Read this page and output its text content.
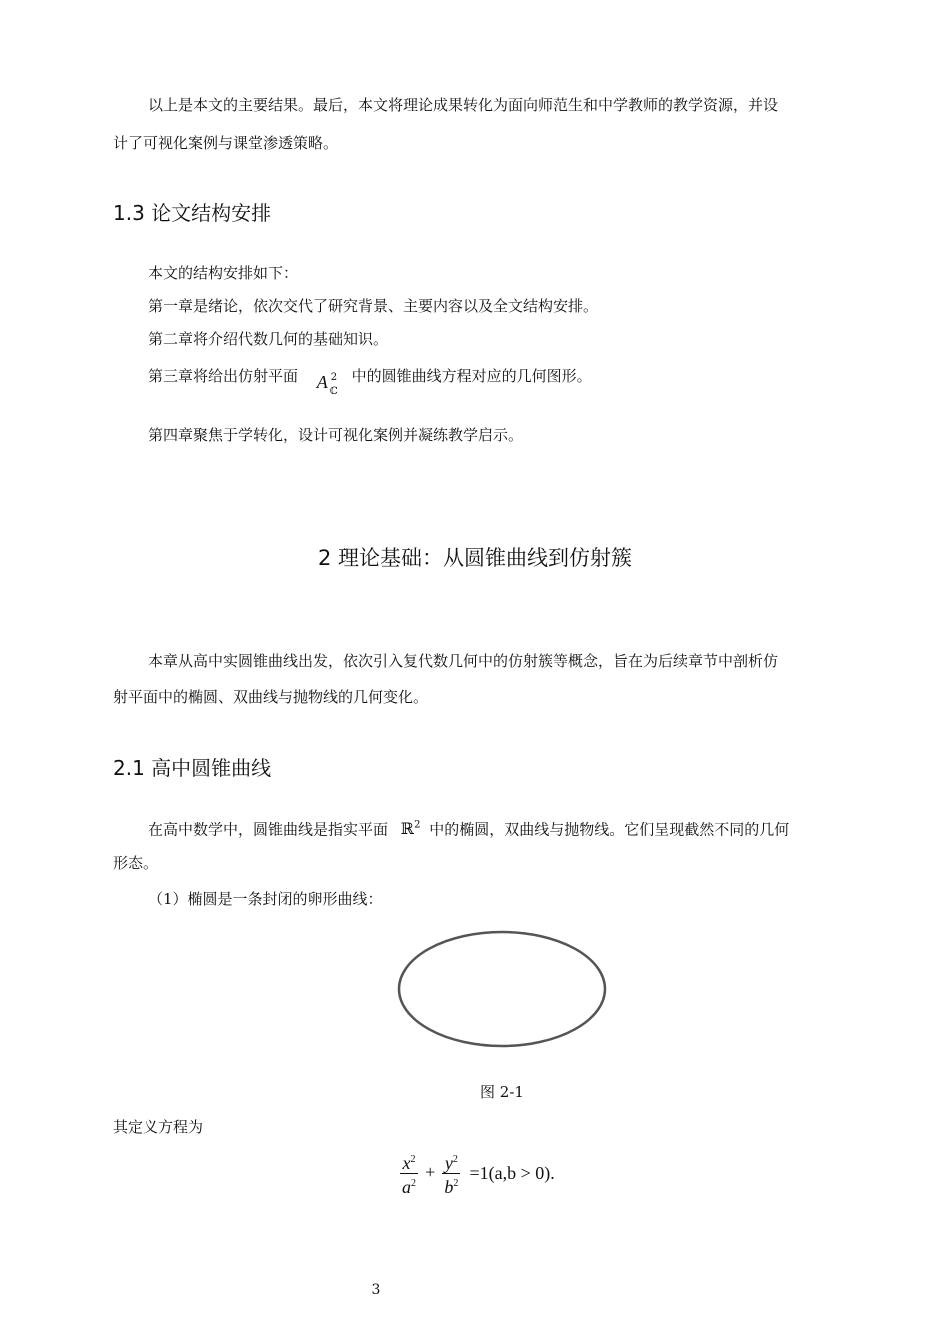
以上是本文的主要结果。最后，本文将理论成果转化为面向师范生和中学教师的教学资源，并设

计了可视化案例与课堂渗透策略。

1.3 论文结构安排

本文的结构安排如下：

第一章是绪论，依次交代了研究背景、主要内容以及全文结构安排。

第二章将介绍代数几何的基础知识。

第三章将给出仿射平面 A 2
ℂ
中的圆锥曲线方程对应的几何图形。

第四章聚焦于学转化，设计可视化案例并凝练教学启示。

2 理论基础：从圆锥曲线到仿射簇

本章从高中实圆锥曲线出发，依次引入复代数几何中的仿射簇等概念，旨在为后续章节中剖析仿

射平面中的椭圆、双曲线与抛物线的几何变化。

2.1 高中圆锥曲线
在高中数学中，圆锥曲线是指实平面 ℝ$^2$ 中的椭圆，双曲线与抛物线。它们呈现截然不同的几何

形态。

（1）椭圆是一条封闭的卵形曲线：

图 2-1

其定义方程为

$\frac{x^2}{a^2} + \frac{y^2}{b^2} =1(a,b > 0)$.
3
